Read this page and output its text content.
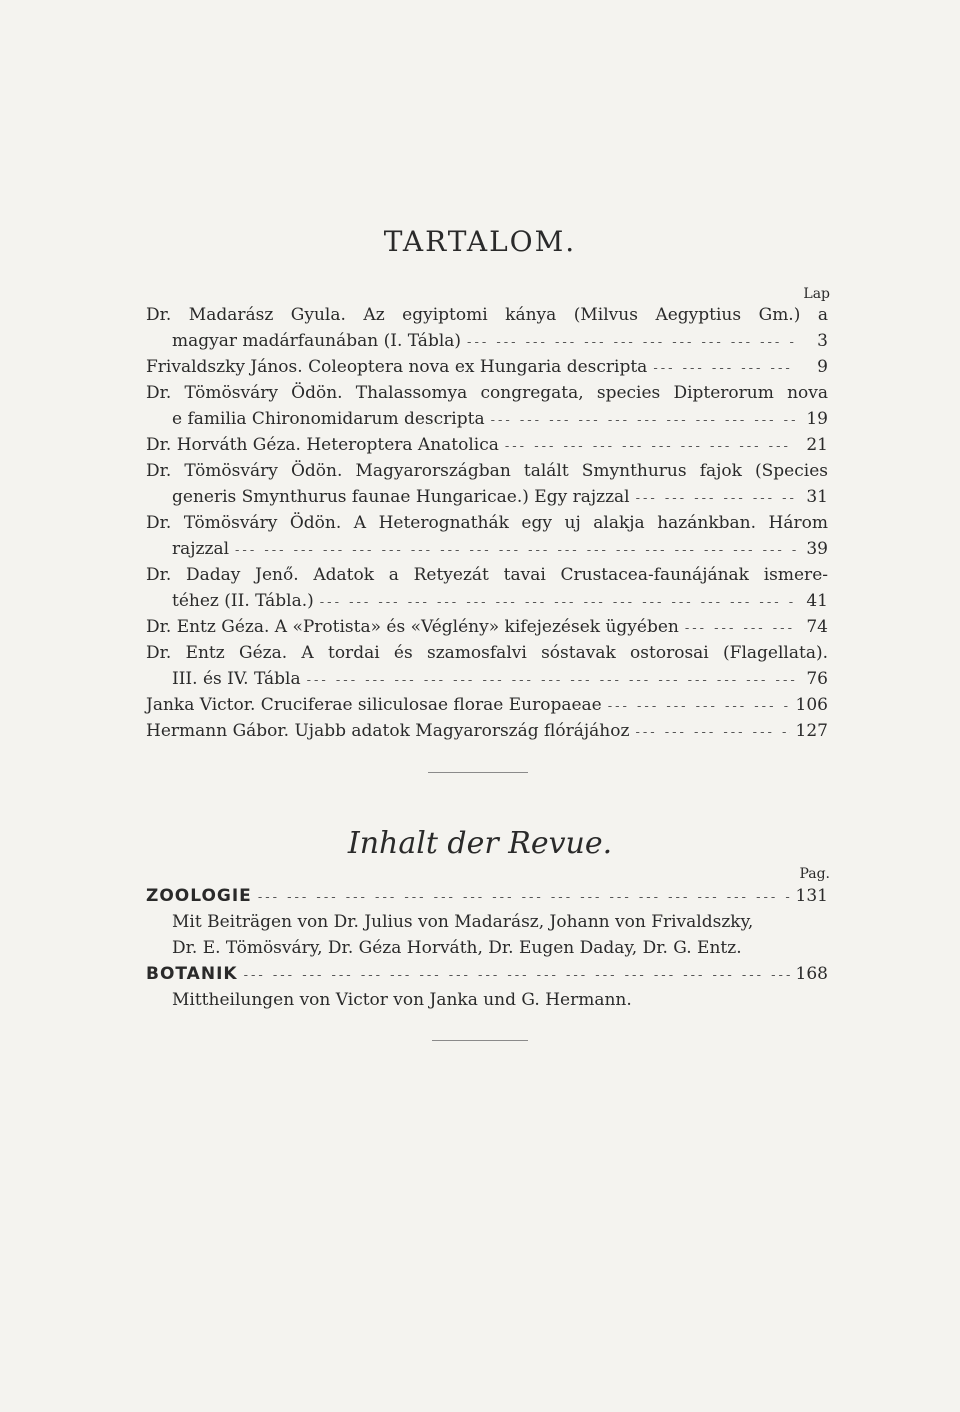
TARTALOM.
Lap
Dr. Madarász Gyula. Az egyiptomi kánya (Milvus Aegyptius Gm.) a
magyar madárfaunában (I. Tábla) --- -	3
Frivaldszky János. Coleoptera nova ex Hungaria descripta --- -	9
Dr. Tömösváry Ödön. Thalassomya congregata, species Dipterorum nova
e familia Chironomidarum descripta --- -	19
Dr. Horváth Géza. Heteroptera Anatolica --- -	21
Dr. Tömösváry Ödön. Magyarországban talált Smynthurus fajok (Species
generis Smynthurus faunae Hungaricae.) Egy rajzzal --- -	31
Dr. Tömösváry Ödön. A Heterognathák egy uj alakja hazánkban. Három
rajzzal --- -	39
Dr. Daday Jenő. Adatok a Retyezát tavai Crustacea-faunájának ismere-
téhez (II. Tábla.) --- -	41
Dr. Entz Géza. A «Protista» és «Véglény» kifejezések ügyében --- -	74
Dr. Entz Géza. A tordai és szamosfalvi sóstavak ostorosai (Flagellata).
III. és IV. Tábla --- -	76
Janka Victor. Cruciferae siliculosae florae Europaeae --- -	106
Hermann Gábor. Ujabb adatok Magyarország flórájához --- -	127
Inhalt der Revue.
Pag.
ZOOLOGIE --- -	131
Mit Beiträgen von Dr. Julius von Madarász, Johann von Frivaldszky,
Dr. E. Tömösváry, Dr. Géza Horváth, Dr. Eugen Daday, Dr. G. Entz.
BOTANIK --- -	168
Mittheilungen von Victor von Janka und G. Hermann.
